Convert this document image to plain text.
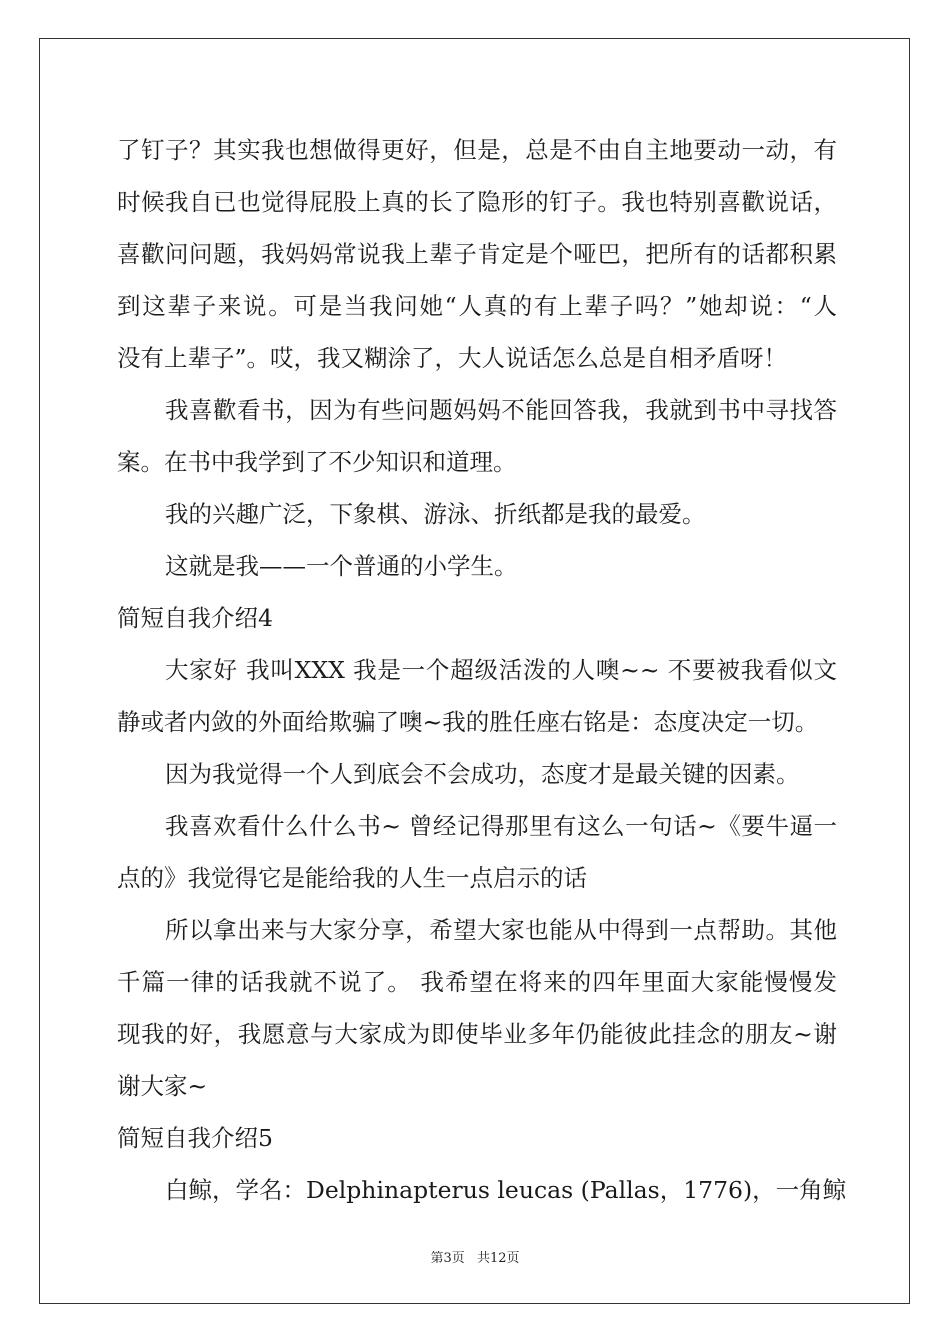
了钉子？其实我也想做得更好，但是，总是不由自主地要动一动，有
时候我自已也觉得屁股上真的长了隐形的钉子。我也特别喜歡说话，
喜歡问问题，我妈妈常说我上辈子肯定是个哑巴，把所有的话都积累
到这辈子来说。可是当我问她“人真的有上辈子吗？”她却说：“人
没有上辈子”。哎，我又糊涂了，大人说话怎么总是自相矛盾呀！
我喜歡看书，因为有些问题妈妈不能回答我，我就到书中寻找答
案。在书中我学到了不少知识和道理。
我的兴趣广泛，下象棋、游泳、折纸都是我的最爱。
这就是我——一个普通的小学生。
简短自我介绍4
大家好 我叫XXX 我是一个超级活泼的人噢~~ 不要被我看似文
静或者内敛的外面给欺骗了噢~我的胜任座右铭是：态度决定一切。
因为我觉得一个人到底会不会成功，态度才是最关键的因素。
我喜欢看什么什么书~ 曾经记得那里有这么一句话~《要牛逼一
点的》我觉得它是能给我的人生一点启示的话
所以拿出来与大家分享，希望大家也能从中得到一点帮助。其他
千篇一律的话我就不说了。 我希望在将来的四年里面大家能慢慢发
现我的好，我愿意与大家成为即使毕业多年仍能彼此挂念的朋友~谢
谢大家~
简短自我介绍5
白鲸，学名：Delphinapterus leucas (Pallas，1776)，一角鲸
第3页 共12页
